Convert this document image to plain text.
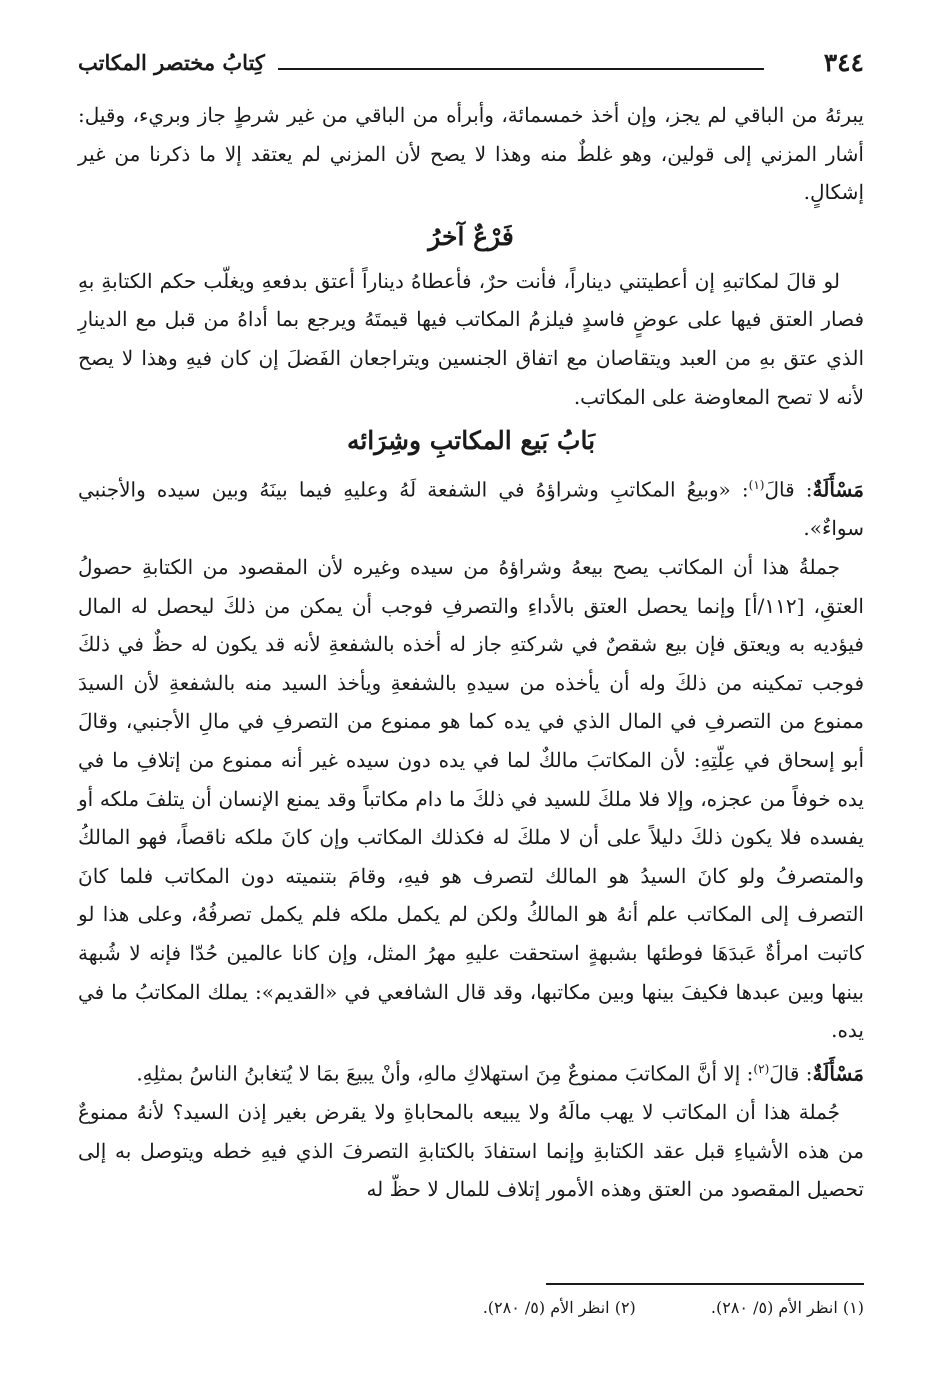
٣٤٤
كِتابُ مختصر المكاتب

يبرئهُ من الباقي لم يجز، وإن أخذ خمسمائة، وأبرأه من الباقي من غير شرطٍ جاز وبريء، وقيل: أشار المزني إلى قولين، وهو غلطٌ منه وهذا لا يصح لأن المزني لم يعتقد إلا ما ذكرنا من غير إشكالٍ.

فَرْعٌ آخرُ

لو قالَ لمكاتبهِ إن أعطيتني ديناراً، فأنت حرٌ، فأعطاهُ ديناراً أعتق بدفعهِ ويغلّب حكم الكتابةِ بهِ فصار العتق فيها على عوضٍ فاسدٍ فيلزمُ المكاتب فيها قيمتَهُ ويرجع بما أداهُ من قبل مع الدينارِ الذي عتق بهِ من العبد ويتقاصان مع اتفاق الجنسين ويتراجعان الفَضلَ إن كان فيهِ وهذا لا يصح لأنه لا تصح المعاوضة على المكاتب.

بَابُ بَيع المكاتبِ وشِرَائه

مَسْأَلَةٌ: قالَ$^{(١)}$: «وبيعُ المكاتبِ وشراؤهُ في الشفعة لَهُ وعليهِ فيما بينَهُ وبين سيده والأجنبي سواءٌ».

جملةُ هذا أن المكاتب يصح بيعهُ وشراؤهُ من سيده وغيره لأن المقصود من الكتابةِ حصولُ العتقِ، [١١٢/أ] وإنما يحصل العتق بالأداءِ والتصرفِ فوجب أن يمكن من ذلكَ ليحصل له المال فيؤديه به ويعتق فإن بيع شقصٌ في شركتهِ جاز له أخذه بالشفعةِ لأنه قد يكون له حظٌ في ذلكَ فوجب تمكينه من ذلكَ وله أن يأخذه من سيدهِ بالشفعةِ ويأخذ السيد منه بالشفعةِ لأن السيدَ ممنوع من التصرفِ في المال الذي في يده كما هو ممنوع من التصرفِ في مالِ الأجنبي، وقالَ أبو إسحاق في عِلّتِهِ: لأن المكاتبَ مالكٌ لما في يده دون سيده غير أنه ممنوع من إتلافِ ما في يده خوفاً من عجزه، وإلا فلا ملكَ للسيد في ذلكَ ما دام مكاتباً وقد يمنع الإنسان أن يتلفَ ملكه أو يفسده فلا يكون ذلكَ دليلاً على أن لا ملكَ له فكذلك المكاتب وإن كانَ ملكه ناقصاً، فهو المالكُ والمتصرفُ ولو كانَ السيدُ هو المالك لتصرف هو فيهِ، وقامَ بتنميته دون المكاتب فلما كانَ التصرف إلى المكاتب علم أنهُ هو المالكُ ولكن لم يكمل ملكه فلم يكمل تصرفُهُ، وعلى هذا لو كاتبت امرأةٌ عَبدَهَا فوطئها بشبهةٍ استحقت عليهِ مهرُ المثل، وإن كانا عالمين حُدّا فإنه لا شُبهة بينها وبين عبدها فكيفَ بينها وبين مكاتبها، وقد قال الشافعي في «القديم»: يملك المكاتبُ ما في يده.

مَسْأَلَةٌ: قالَ$^{(٢)}$: إلا أنَّ المكاتبَ ممنوعٌ مِنَ استهلاكِ مالهِ، وأنْ يبيعَ بمَا لا يُتغابنُ الناسُ بمثلِهِ.

جُملة هذا أن المكاتب لا يهب مالَهُ ولا يبيعه بالمحاباةِ ولا يقرض بغير إذن السيد؟ لأنهُ ممنوعٌ من هذه الأشياءِ قبل عقد الكتابةِ وإنما استفادَ بالكتابةِ التصرفَ الذي فيهِ خطه ويتوصل به إلى تحصيل المقصود من العتق وهذه الأمور إتلاف للمال لا حظّ له

(١) انظر الأم (٥/ ٢٨٠). (٢) انظر الأم (٥/ ٢٨٠).
